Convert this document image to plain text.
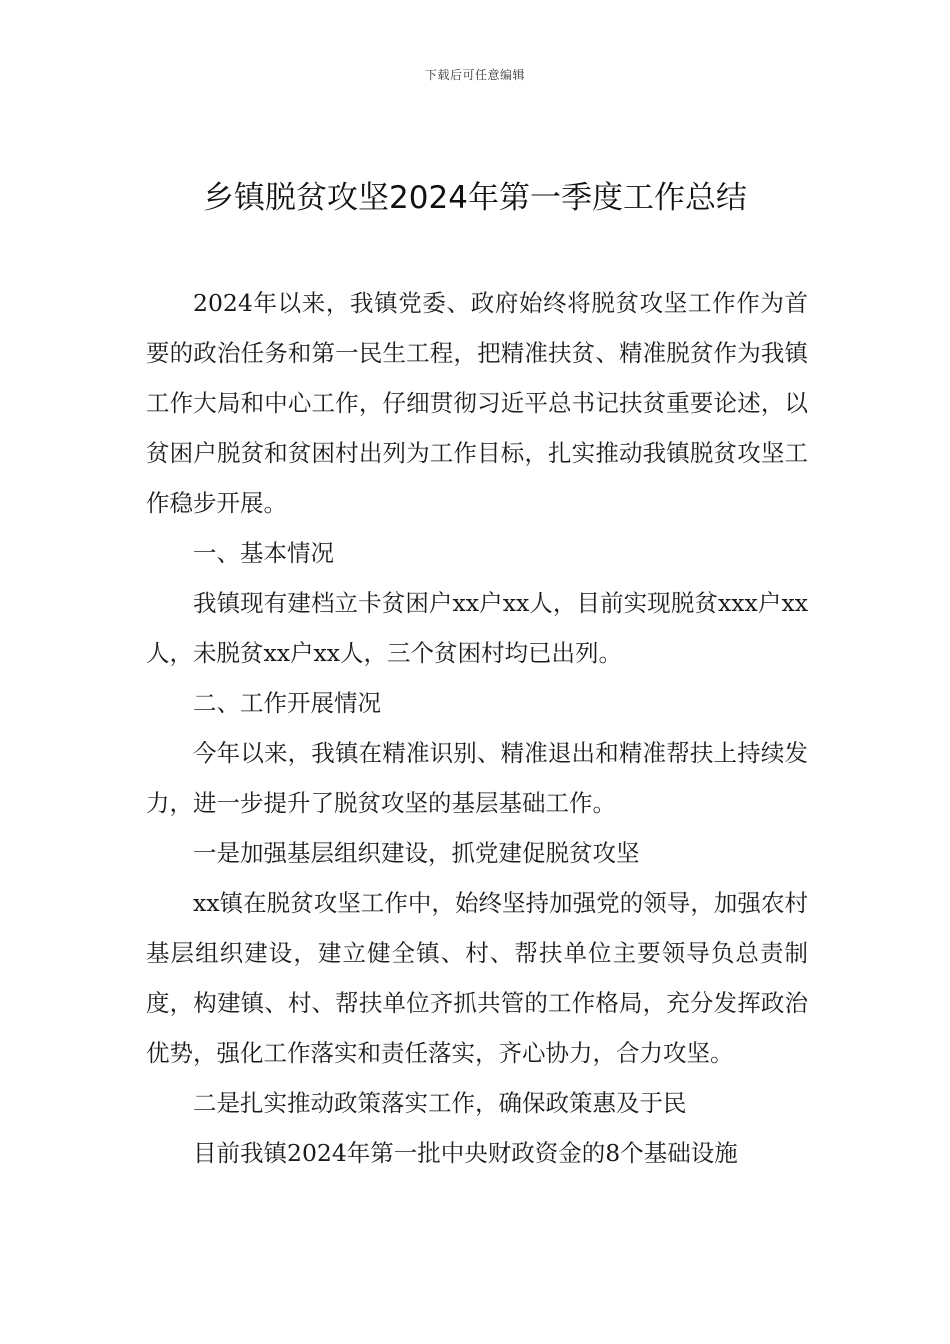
下载后可任意编辑
乡镇脱贫攻坚2024年第一季度工作总结

2024年以来，我镇党委、政府始终将脱贫攻坚工作作为首要的政治任务和第一民生工程，把精准扶贫、精准脱贫作为我镇工作大局和中心工作，仔细贯彻习近平总书记扶贫重要论述，以贫困户脱贫和贫困村出列为工作目标，扎实推动我镇脱贫攻坚工作稳步开展。

一、基本情况

我镇现有建档立卡贫困户xx户xx人，目前实现脱贫xxx户xx人，未脱贫xx户xx人，三个贫困村均已出列。

二、工作开展情况

今年以来，我镇在精准识别、精准退出和精准帮扶上持续发力，进一步提升了脱贫攻坚的基层基础工作。

一是加强基层组织建设，抓党建促脱贫攻坚

xx镇在脱贫攻坚工作中，始终坚持加强党的领导，加强农村基层组织建设，建立健全镇、村、帮扶单位主要领导负总责制度，构建镇、村、帮扶单位齐抓共管的工作格局，充分发挥政治优势，强化工作落实和责任落实，齐心协力，合力攻坚。

二是扎实推动政策落实工作，确保政策惠及于民

目前我镇2024年第一批中央财政资金的8个基础设施
